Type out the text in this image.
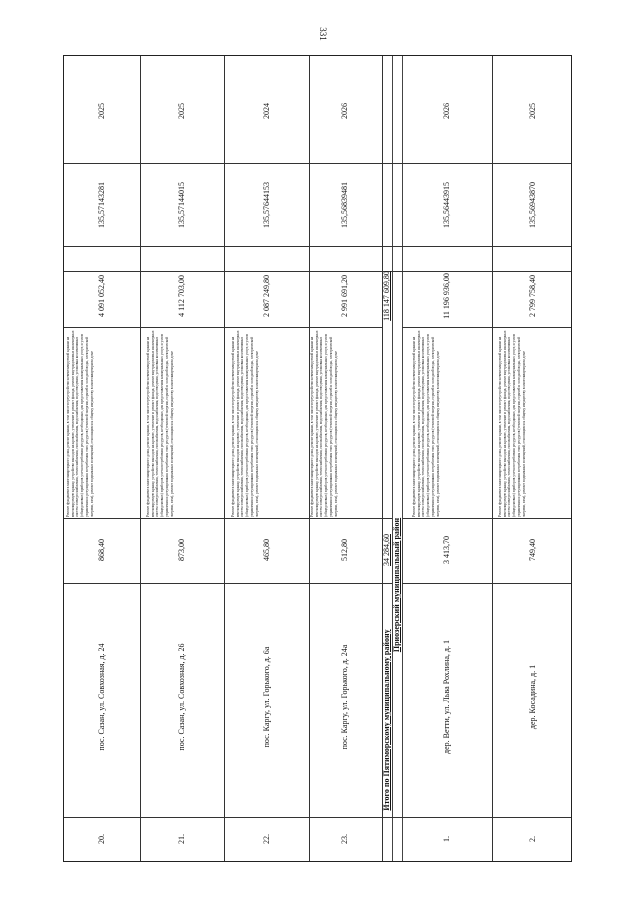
331
20.
пос. Сазан, ул. Совхозная, д. 24
868,40
Ремонт фундамента многоквартирного дома, ремонт крыши, в том числе переустройство невентилируемой крыши на вентилируемую крышу, устройство выходов на кровлю, утепление и ремонт фасада, ремонт внутридомовых инженерных систем электроснабжения, теплоснабжения, газоснабжения, водоснабжения, водоотведения, установка коллективных (общедомовых) приборов учета потребления ресурсов, необходимых для предоставления коммунальных услуг, и узлов управления и регулирования потребления этих ресурсов (тепловой энергии, горячей и холодной воды, электрической энергии, газа), ремонт подвальных помещений, относящихся к общему имуществу в многоквартирном доме
4 091 052,40
135,57143281
2025
21.
пос. Сазан, ул. Совхозная, д. 26
873,00
Ремонт фундамента многоквартирного дома, ремонт крыши, в том числе переустройство невентилируемой крыши на вентилируемую крышу, устройство выходов на кровлю, утепление и ремонт фасада, ремонт внутридомовых инженерных систем электроснабжения, теплоснабжения, газоснабжения, водоснабжения, водоотведения, установка коллективных (общедомовых) приборов учета потребления ресурсов, необходимых для предоставления коммунальных услуг, и узлов управления и регулирования потребления этих ресурсов (тепловой энергии, горячей и холодной воды, электрической энергии, газа), ремонт подвальных помещений, относящихся к общему имуществу в многоквартирном доме
4 112 703,00
135,57144015
2025
22.
пос. Каргу, ул. Горького, д. 6а
465,80
Ремонт фундамента многоквартирного дома, ремонт крыши, в том числе переустройство невентилируемой крыши на вентилируемую крышу, устройство выходов на кровлю, утепление и ремонт фасада, ремонт внутридомовых инженерных систем электроснабжения, теплоснабжения, газоснабжения, водоснабжения, водоотведения, установка коллективных (общедомовых) приборов учета потребления ресурсов, необходимых для предоставления коммунальных услуг, и узлов управления и регулирования потребления этих ресурсов (тепловой энергии, горячей и холодной воды, электрической энергии, газа), ремонт подвальных помещений, относящихся к общему имуществу в многоквартирном доме
2 087 249,80
135,57644153
2024
23.
пос. Каргу, ул. Горького, д. 24а
512,80
Ремонт фундамента многоквартирного дома, ремонт крыши, в том числе переустройство невентилируемой крыши на вентилируемую крышу, устройство выходов на кровлю, утепление и ремонт фасада, ремонт внутридомовых инженерных систем электроснабжения, теплоснабжения, газоснабжения, водоснабжения, водоотведения, установка коллективных (общедомовых) приборов учета потребления ресурсов, необходимых для предоставления коммунальных услуг, и узлов управления и регулирования потребления этих ресурсов (тепловой энергии, горячей и холодной воды, электрической энергии, газа), ремонт подвальных помещений, относящихся к общему имуществу в многоквартирном доме
2 991 691,20
135,56839481
2026
Итого по Пятиморскому муниципальному району
34 284,60
118 147 609,80
Приозерский муниципальный район
1.
дер. Ветти, ул. Льва Рохлина, д. 1
3 413,70
Ремонт фундамента многоквартирного дома, ремонт крыши, в том числе переустройство невентилируемой крыши на вентилируемую крышу, устройство выходов на кровлю, утепление и ремонт фасада, ремонт внутридомовых инженерных систем электроснабжения, теплоснабжения, газоснабжения, водоснабжения, водоотведения, установка коллективных (общедомовых) приборов учета потребления ресурсов, необходимых для предоставления коммунальных услуг, и узлов управления и регулирования потребления этих ресурсов (тепловой энергии, горячей и холодной воды, электрической энергии, газа), ремонт подвальных помещений, относящихся к общему имуществу в многоквартирном доме
11 196 936,00
135,56443915
2026
2.
дер. Косадина, д. 1
749,40
Ремонт фундамента многоквартирного дома, ремонт крыши, в том числе переустройство невентилируемой крыши на вентилируемую крышу, устройство выходов на кровлю, утепление и ремонт фасада, ремонт внутридомовых инженерных систем электроснабжения, теплоснабжения, газоснабжения, водоснабжения, водоотведения, установка коллективных (общедомовых) приборов учета потребления ресурсов, необходимых для предоставления коммунальных услуг, и узлов управления и регулирования потребления этих ресурсов (тепловой энергии, горячей и холодной воды, электрической энергии, газа), ремонт подвальных помещений, относящихся к общему имуществу в многоквартирном доме
2 799 758,40
135,56943870
2025
